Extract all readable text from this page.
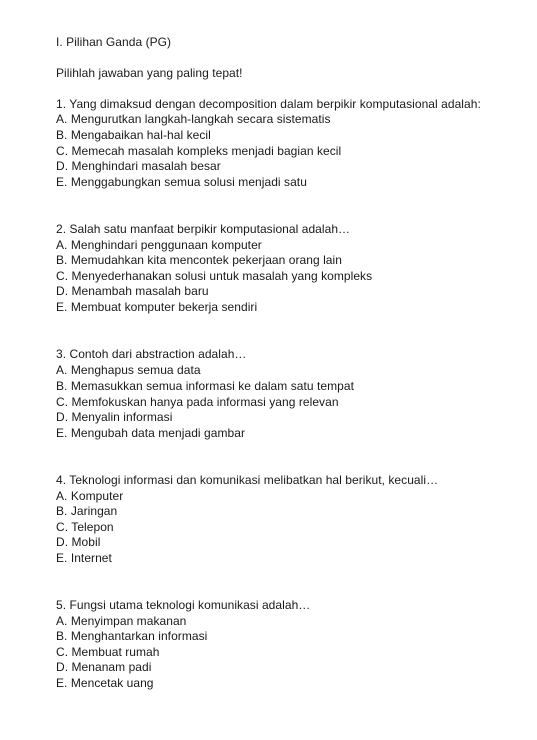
I. Pilihan Ganda (PG)
Pilihlah jawaban yang paling tepat!
1. Yang dimaksud dengan decomposition dalam berpikir komputasional adalah:
A. Mengurutkan langkah-langkah secara sistematis
B. Mengabaikan hal-hal kecil
C. Memecah masalah kompleks menjadi bagian kecil
D. Menghindari masalah besar
E. Menggabungkan semua solusi menjadi satu
2. Salah satu manfaat berpikir komputasional adalah…
A. Menghindari penggunaan komputer
B. Memudahkan kita mencontek pekerjaan orang lain
C. Menyederhanakan solusi untuk masalah yang kompleks
D. Menambah masalah baru
E. Membuat komputer bekerja sendiri
3. Contoh dari abstraction adalah…
A. Menghapus semua data
B. Memasukkan semua informasi ke dalam satu tempat
C. Memfokuskan hanya pada informasi yang relevan
D. Menyalin informasi
E. Mengubah data menjadi gambar
4. Teknologi informasi dan komunikasi melibatkan hal berikut, kecuali…
A. Komputer
B. Jaringan
C. Telepon
D. Mobil
E. Internet
5. Fungsi utama teknologi komunikasi adalah…
A. Menyimpan makanan
B. Menghantarkan informasi
C. Membuat rumah
D. Menanam padi
E. Mencetak uang
